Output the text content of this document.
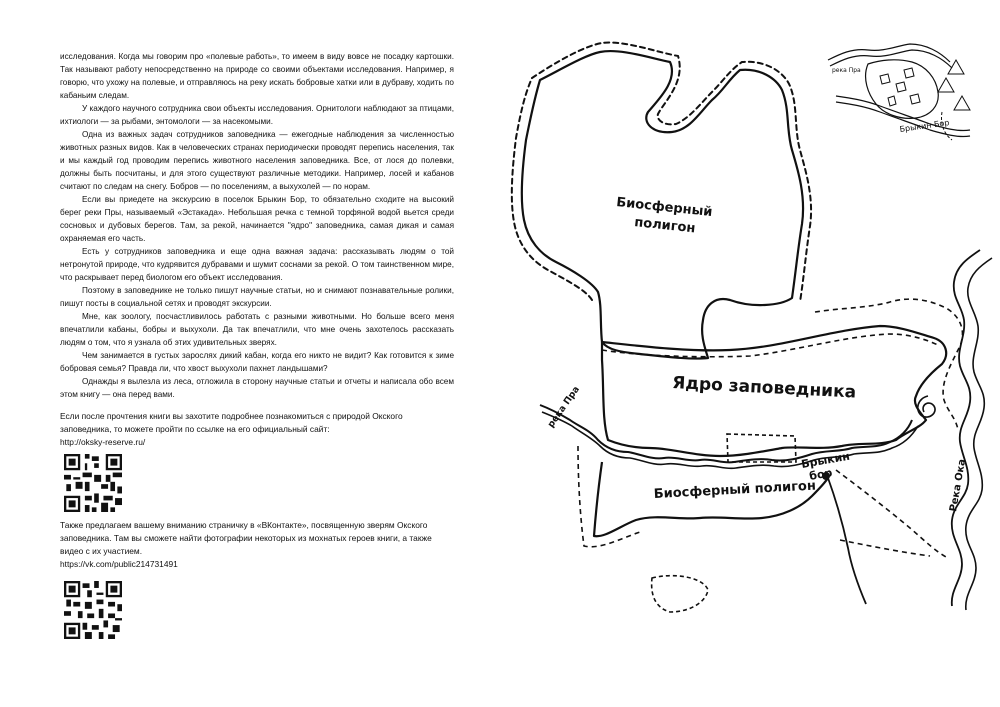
исследования. Когда мы говорим про «полевые работь», то имеем в виду вовсе не посадку картошки. Так называют работу непосредственно на природе со своими объектами исследования. Например, я говорю, что ухожу на полевые, и отправляюсь на реку искать бобровые хатки или в дубраву, ходить по кабаньим следам.

У каждого научного сотрудника свои объекты исследования. Орнитологи наблюдают за птицами, ихтиологи — за рыбами, энтомологи — за насекомыми.

Одна из важных задач сотрудников заповедника — ежегодные наблюдения за численностью животных разных видов. Как в человеческих странах периодически проводят перепись населения, так и мы каждый год проводим перепись животного населения заповедника. Все, от лося до полевки, должны быть посчитаны, и для этого существуют различные методики. Например, лосей и кабанов считают по следам на снегу. Бобров — по поселениям, а выхухолей — по норам.

Если вы приедете на экскурсию в поселок Брыкин Бор, то обязательно сходите на высокий берег реки Пры, называемый «Эстакада». Небольшая речка с темной торфяной водой вьется среди сосновых и дубовых берегов. Там, за рекой, начинается "ядро" заповедника, самая дикая и самая охраняемая его часть.

Есть у сотрудников заповедника и еще одна важная задача: рассказывать людям о той нетронутой природе, что кудрявится дубравами и шумит соснами за рекой. О том таинственном мире, что раскрывает перед биологом его объект исследования.

Поэтому в заповеднике не только пишут научные статьи, но и снимают познавательные ролики, пишут посты в социальной сетях и проводят экскурсии.

Мне, как зоологу, посчастливилось работать с разными животными. Но больше всего меня впечатлили кабаны, бобры и выхухоли. Да так впечатлили, что мне очень захотелось рассказать людям о том, что я узнала об этих удивительных зверях.

Чем занимается в густых зарослях дикий кабан, когда его никто не видит? Как готовится к зиме бобровая семья? Правда ли, что хвост выхухоли пахнет ландышами?

Однажды я вылезла из леса, отложила в сторону научные статьи и отчеты и написала обо всем этом книгу — она перед вами.

Если после прочтения книги вы захотите подробнее познакомиться с природой Окского заповедника, то можете пройти по ссылке на его официальный сайт:

http://oksky-reserve.ru/

Также предлагаем вашему вниманию страничку в «ВКонтакте», посвященную зверям Окского заповедника. Там вы сможете найти фотографии некоторых из мохнатых героев книги, а также видео с их участием.

https://vk.com/public214731491

Биосферный
полигон
Ядро заповедника
Биосферный полигон
река Пра
Брыкин
бор	Река Ока
река Пра
Брыкин Бор
